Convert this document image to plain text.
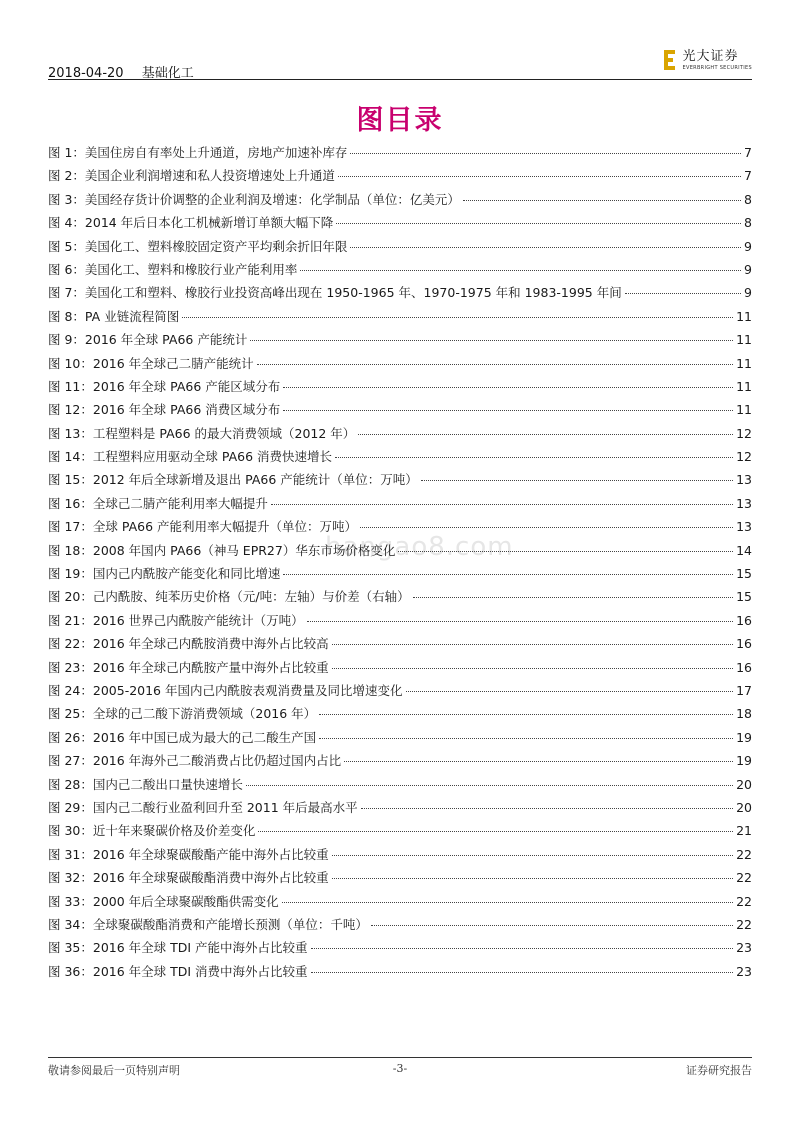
2018-04-20 基础化工
光大证券
EVERBRIGHT SECURITIES
图目录
hangao8.com
图 1：美国住房自有率处上升通道，房地产加速补库存	7
图 2：美国企业利润增速和私人投资增速处上升通道	7
图 3：美国经存货计价调整的企业利润及增速：化学制品（单位：亿美元）	8
图 4：2014 年后日本化工机械新增订单额大幅下降	8
图 5：美国化工、塑料橡胶固定资产平均剩余折旧年限	9
图 6：美国化工、塑料和橡胶行业产能利用率	9
图 7：美国化工和塑料、橡胶行业投资高峰出现在 1950-1965 年、1970-1975 年和 1983-1995 年间	9
图 8：PA 业链流程简图	11
图 9：2016 年全球 PA66 产能统计	11
图 10：2016 年全球己二腈产能统计	11
图 11：2016 年全球 PA66 产能区域分布	11
图 12：2016 年全球 PA66 消费区域分布	11
图 13：工程塑料是 PA66 的最大消费领域（2012 年）	12
图 14：工程塑料应用驱动全球 PA66 消费快速增长	12
图 15：2012 年后全球新增及退出 PA66 产能统计（单位：万吨）	13
图 16：全球己二腈产能利用率大幅提升	13
图 17：全球 PA66 产能利用率大幅提升（单位：万吨）	13
图 18：2008 年国内 PA66（神马 EPR27）华东市场价格变化	14
图 19：国内己内酰胺产能变化和同比增速	15
图 20：己内酰胺、纯苯历史价格（元/吨：左轴）与价差（右轴）	15
图 21：2016 世界己内酰胺产能统计（万吨）	16
图 22：2016 年全球己内酰胺消费中海外占比较高	16
图 23：2016 年全球己内酰胺产量中海外占比较重	16
图 24：2005-2016 年国内己内酰胺表观消费量及同比增速变化	17
图 25：全球的己二酸下游消费领域（2016 年）	18
图 26：2016 年中国已成为最大的己二酸生产国	19
图 27：2016 年海外己二酸消费占比仍超过国内占比	19
图 28：国内己二酸出口量快速增长	20
图 29：国内己二酸行业盈利回升至 2011 年后最高水平	20
图 30：近十年来聚碳价格及价差变化	21
图 31：2016 年全球聚碳酸酯产能中海外占比较重	22
图 32：2016 年全球聚碳酸酯消费中海外占比较重	22
图 33：2000 年后全球聚碳酸酯供需变化	22
图 34：全球聚碳酸酯消费和产能增长预测（单位：千吨）	22
图 35：2016 年全球 TDI 产能中海外占比较重	23
图 36：2016 年全球 TDI 消费中海外占比较重	23
敬请参阅最后一页特别声明	-3-	证券研究报告
